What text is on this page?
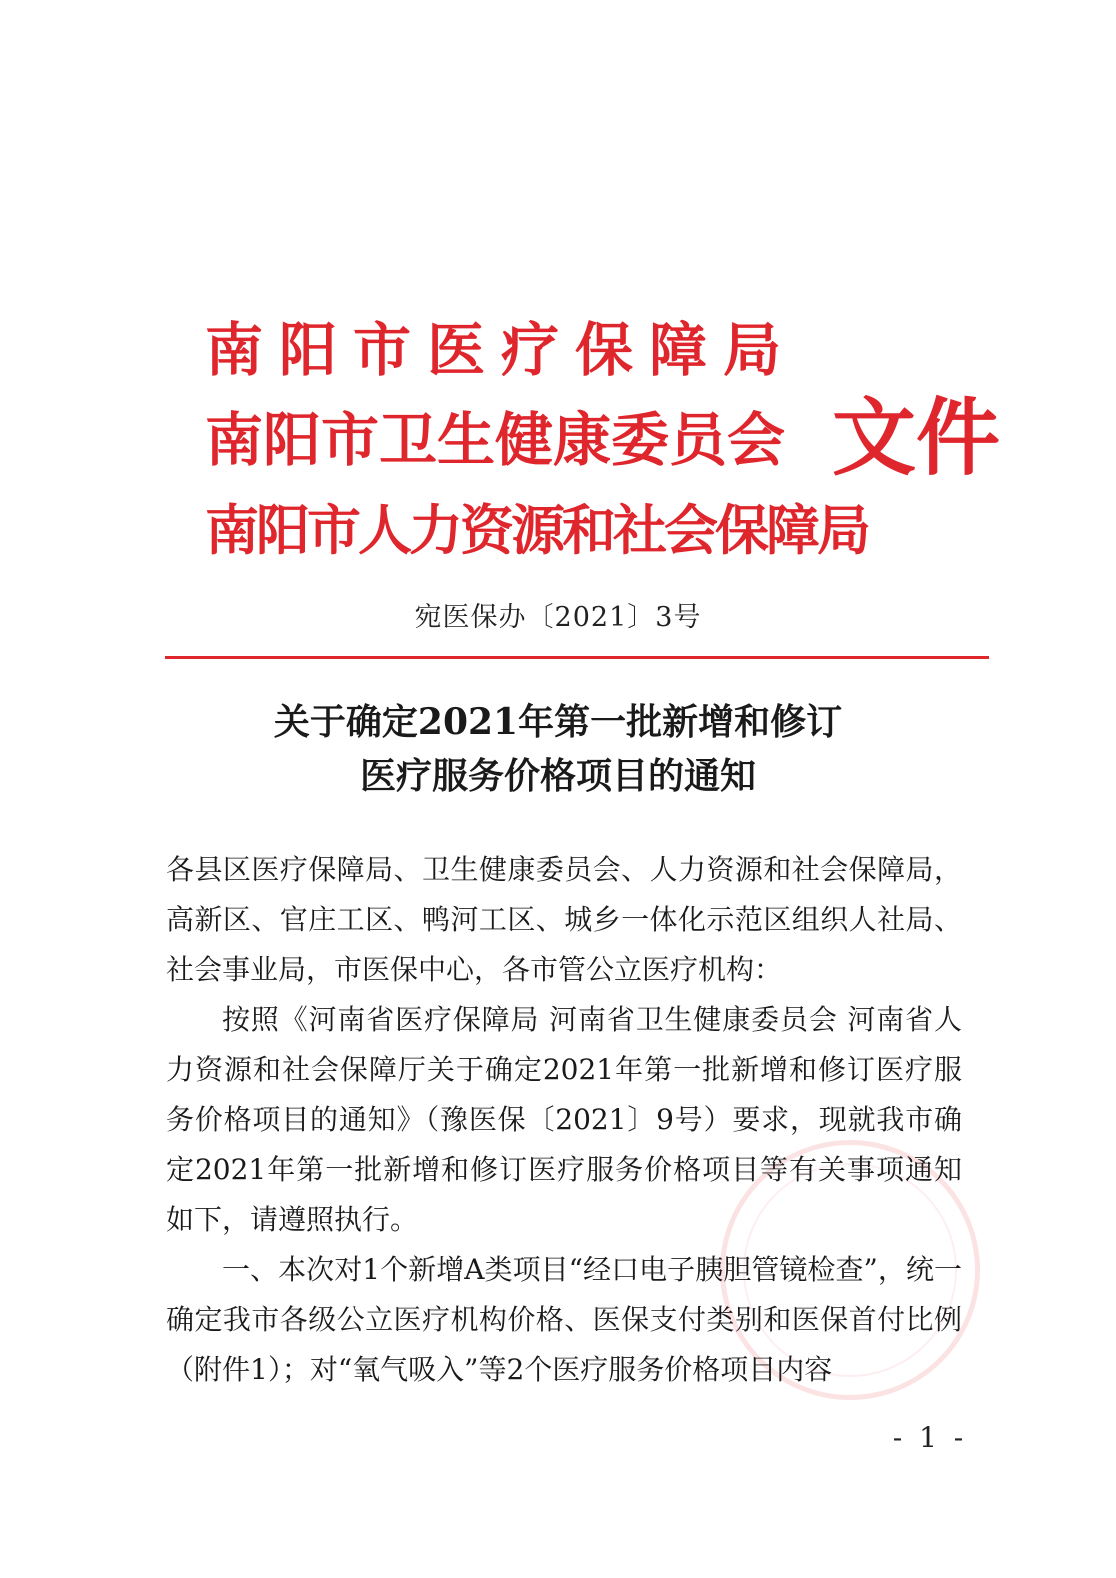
南阳市医疗保障局
南阳市卫生健康委员会
南阳市人力资源和社会保障局
文件
宛医保办〔2021〕3号
关于确定2021年第一批新增和修订
医疗服务价格项目的通知

各县区医疗保障局、卫生健康委员会、人力资源和社会保障局，高新区、官庄工区、鸭河工区、城乡一体化示范区组织人社局、社会事业局，市医保中心，各市管公立医疗机构：

按照《河南省医疗保障局 河南省卫生健康委员会 河南省人力资源和社会保障厅关于确定2021年第一批新增和修订医疗服务价格项目的通知》（豫医保〔2021〕9号）要求，现就我市确定2021年第一批新增和修订医疗服务价格项目等有关事项通知如下，请遵照执行。

一、本次对1个新增A类项目“经口电子胰胆管镜检查”，统一确定我市各级公立医疗机构价格、医保支付类别和医保首付比例（附件1）；对“氧气吸入”等2个医疗服务价格项目内容

- 1 -
